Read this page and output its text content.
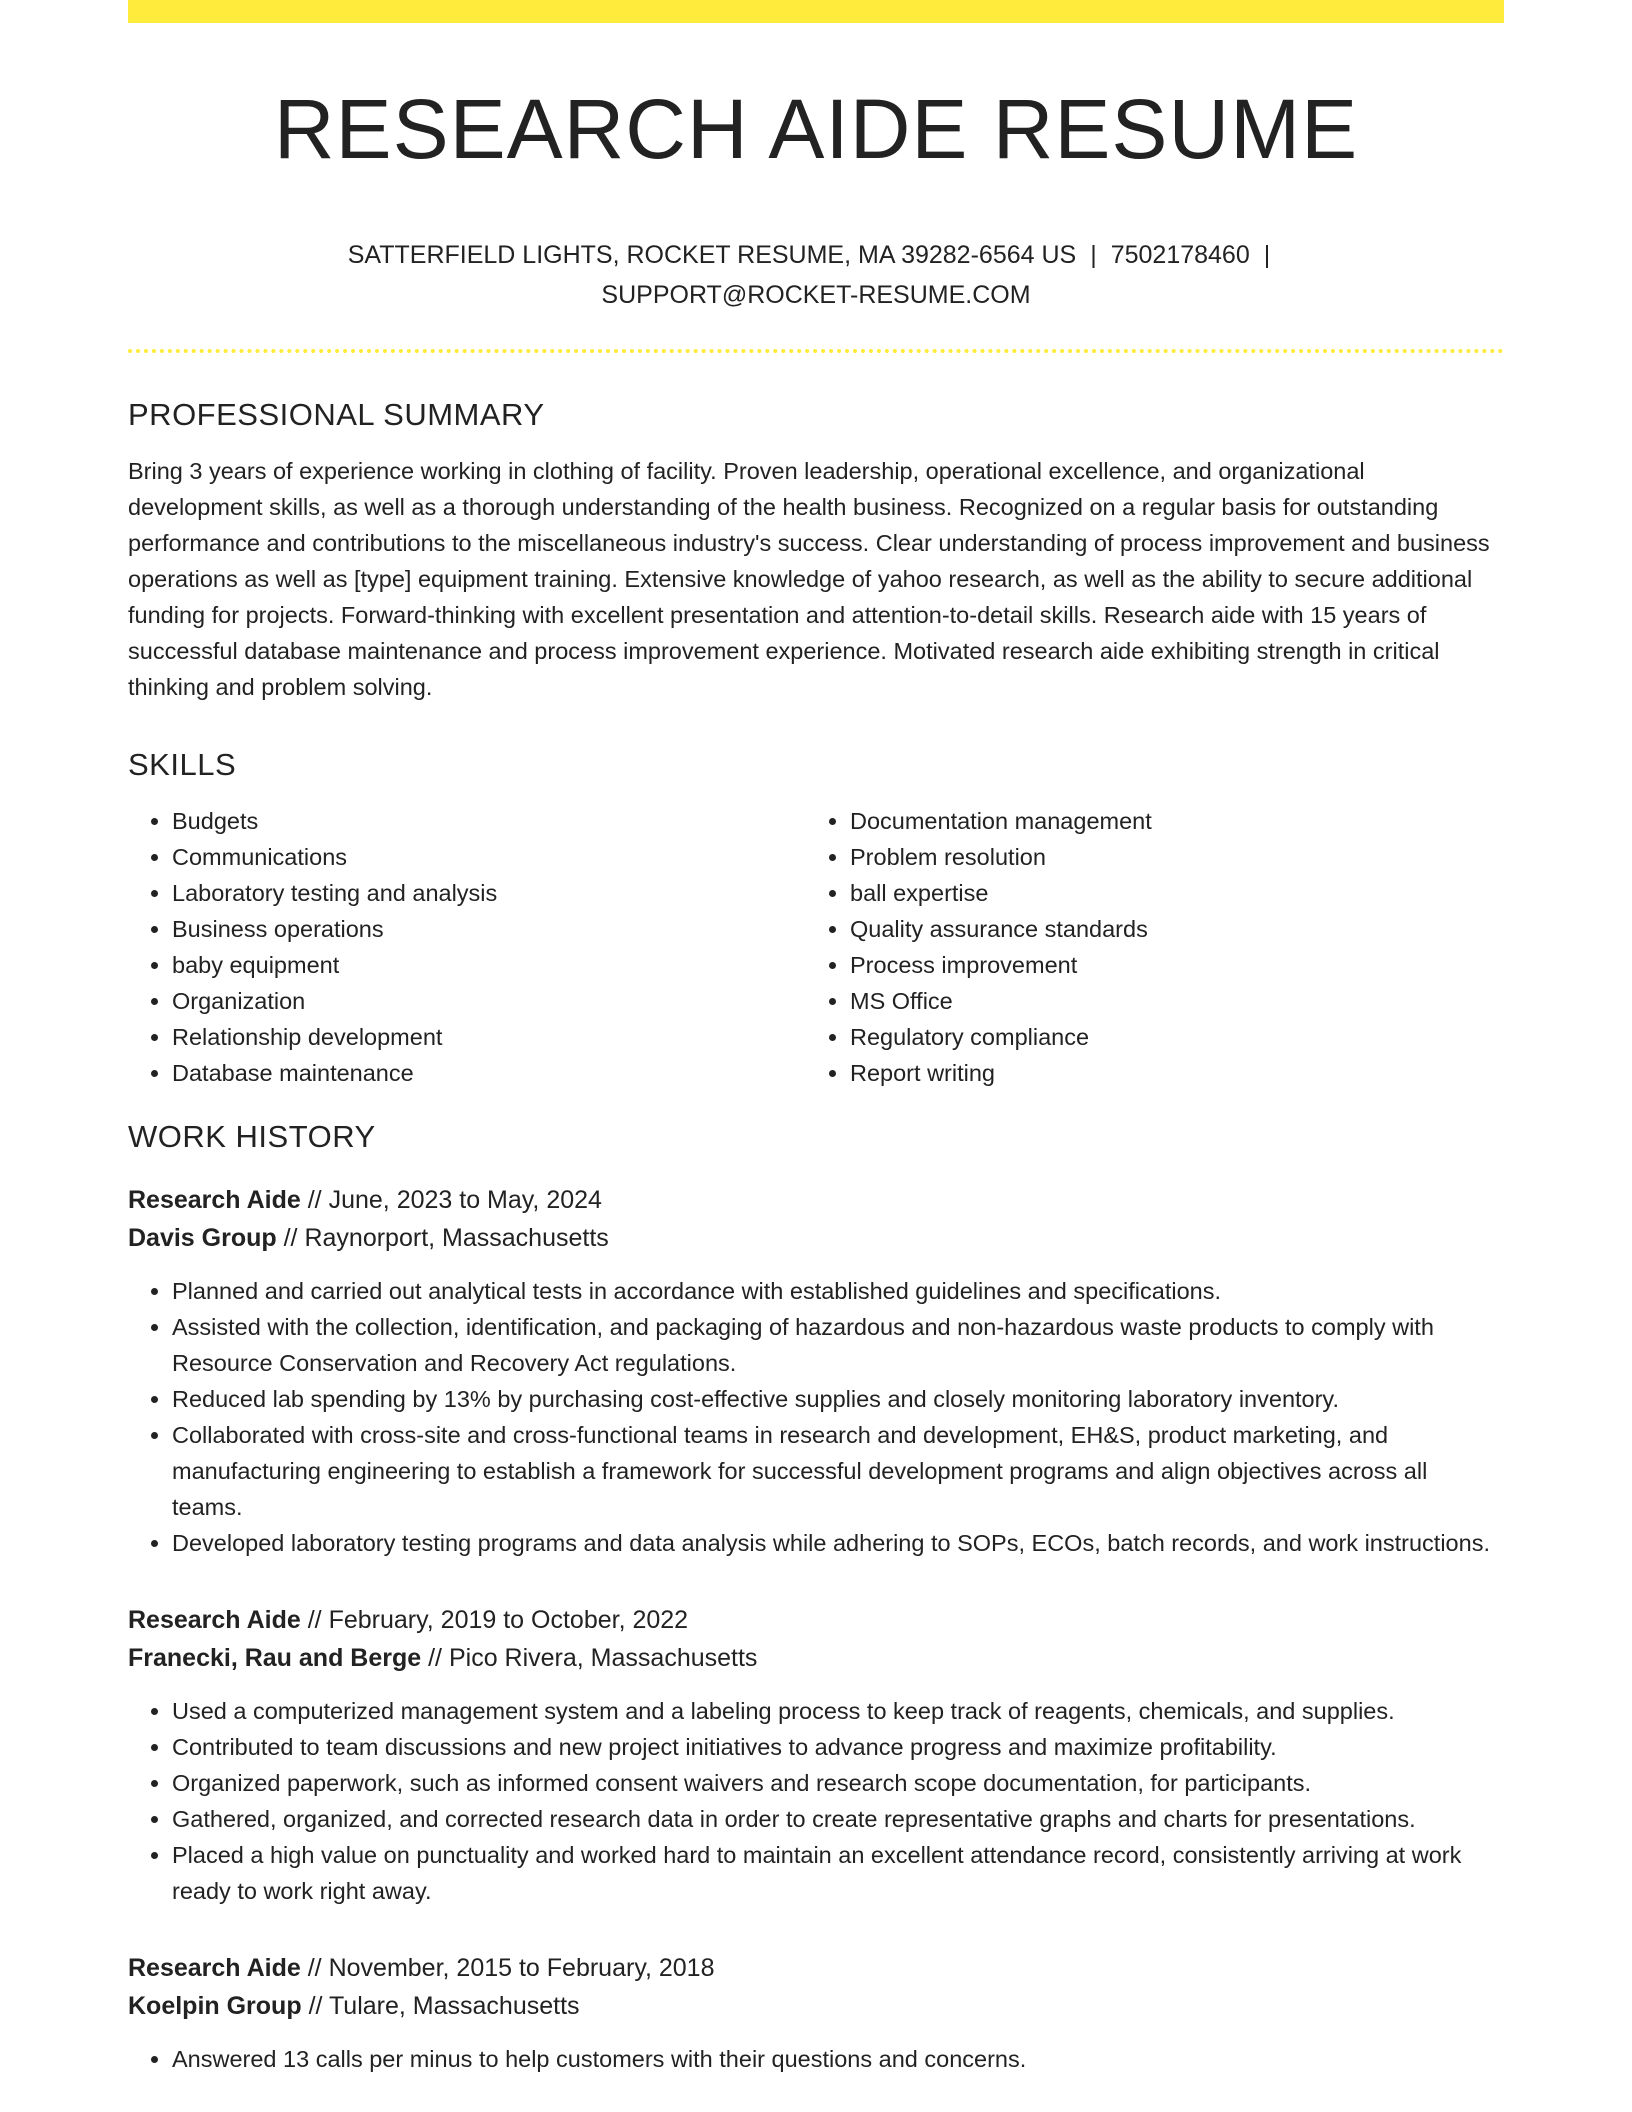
RESEARCH AIDE RESUME
SATTERFIELD LIGHTS, ROCKET RESUME, MA 39282-6564 US | 7502178460 |
SUPPORT@ROCKET-RESUME.COM
PROFESSIONAL SUMMARY

Bring 3 years of experience working in clothing of facility. Proven leadership, operational excellence, and organizational development skills, as well as a thorough understanding of the health business. Recognized on a regular basis for outstanding performance and contributions to the miscellaneous industry's success. Clear understanding of process improvement and business operations as well as [type] equipment training. Extensive knowledge of yahoo research, as well as the ability to secure additional funding for projects. Forward-thinking with excellent presentation and attention-to-detail skills. Research aide with 15 years of successful database maintenance and process improvement experience. Motivated research aide exhibiting strength in critical thinking and problem solving.

SKILLS
• Budgets
• Communications
• Laboratory testing and analysis
• Business operations
• baby equipment
• Organization
• Relationship development
• Database maintenance
• Documentation management
• Problem resolution
• ball expertise
• Quality assurance standards
• Process improvement
• MS Office
• Regulatory compliance
• Report writing
WORK HISTORY
Research Aide // June, 2023 to May, 2024
Davis Group // Raynorport, Massachusetts
• Planned and carried out analytical tests in accordance with established guidelines and specifications.
• Assisted with the collection, identification, and packaging of hazardous and non-hazardous waste products to comply with Resource Conservation and Recovery Act regulations.
• Reduced lab spending by 13% by purchasing cost-effective supplies and closely monitoring laboratory inventory.
• Collaborated with cross-site and cross-functional teams in research and development, EH&S, product marketing, and manufacturing engineering to establish a framework for successful development programs and align objectives across all teams.
• Developed laboratory testing programs and data analysis while adhering to SOPs, ECOs, batch records, and work instructions.
Research Aide // February, 2019 to October, 2022
Franecki, Rau and Berge // Pico Rivera, Massachusetts
• Used a computerized management system and a labeling process to keep track of reagents, chemicals, and supplies.
• Contributed to team discussions and new project initiatives to advance progress and maximize profitability.
• Organized paperwork, such as informed consent waivers and research scope documentation, for participants.
• Gathered, organized, and corrected research data in order to create representative graphs and charts for presentations.
• Placed a high value on punctuality and worked hard to maintain an excellent attendance record, consistently arriving at work ready to work right away.
Research Aide // November, 2015 to February, 2018
Koelpin Group // Tulare, Massachusetts
• Answered 13 calls per minus to help customers with their questions and concerns.
